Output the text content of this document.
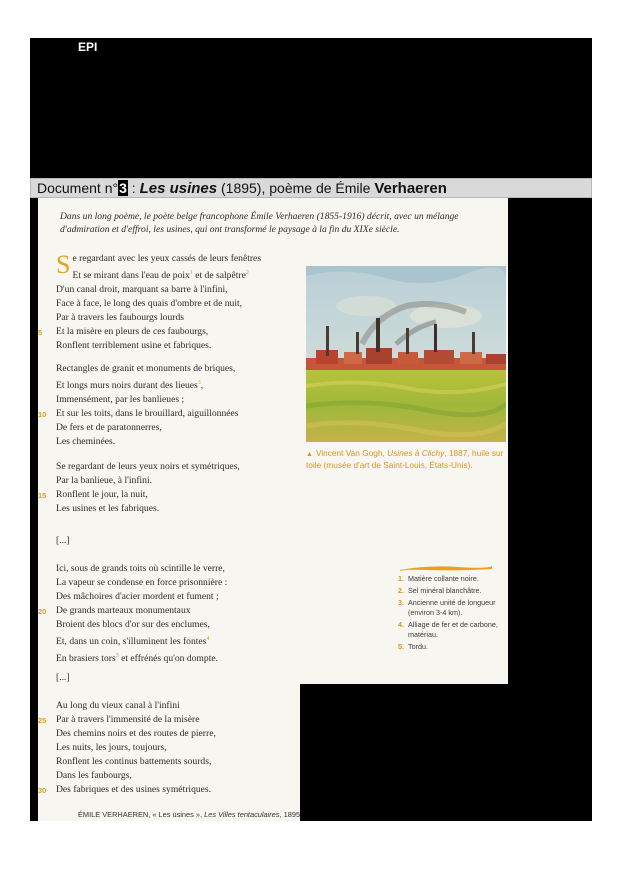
EPI
Document n°3 : Les usines (1895), poème de Émile Verhaeren
Dans un long poème, le poète belge francophone Émile Verhaeren (1855-1916) décrit, avec un mélange d'admiration et d'effroi, les usines, qui ont transformé le paysage à la fin du XIXe siècle.
Se regardant avec les yeux cassés de leurs fenêtres
Et se mirant dans l'eau de poix$^1$ et de salpêtre$^2$
D'un canal droit, marquant sa barre à l'infini,
Face à face, le long des quais d'ombre et de nuit,
Par à travers les faubourgs lourds
5	Et la misère en pleurs de ces faubourgs,
Ronflent terriblement usine et fabriques.
Rectangles de granit et monuments de briques,
Et longs murs noirs durant des lieues$^3$,
Immensément, par les banlieues ;
10	Et sur les toits, dans le brouillard, aiguillonnées
De fers et de paratonnerres,
Les cheminées.
Se regardant de leurs yeux noirs et symétriques,
Par la banlieue, à l'infini.
15	Ronflent le jour, la nuit,
Les usines et les fabriques.
[...]
Ici, sous de grands toits où scintille le verre,
La vapeur se condense en force prisonnière :
Des mâchoires d'acier mordent et fument ;
20	De grands marteaux monumentaux
Broient des blocs d'or sur des enclumes,
Et, dans un coin, s'illuminent les fontes$^4$
En brasiers tors$^5$ et effrénés qu'on dompte.
[...]
Au long du vieux canal à l'infini
25	Par à travers l'immensité de la misère
Des chemins noirs et des routes de pierre,
Les nuits, les jours, toujours,
Ronflent les continus battements sourds,
Dans les faubourgs,
30	Des fabriques et des usines symétriques.
▲ Vincent Van Gogh, Usines à Clichy, 1887, huile sur toile (musée d'art de Saint-Louis, États-Unis).
1. Matière collante noire.
2. Sel minéral blanchâtre.
3. Ancienne unité de longueur (environ 3-4 km).
4. Alliage de fer et de carbone, matériau.
5. Tordu.
ÉMILE VERHAEREN, « Les usines », Les Villes tentaculaires, 1895.
